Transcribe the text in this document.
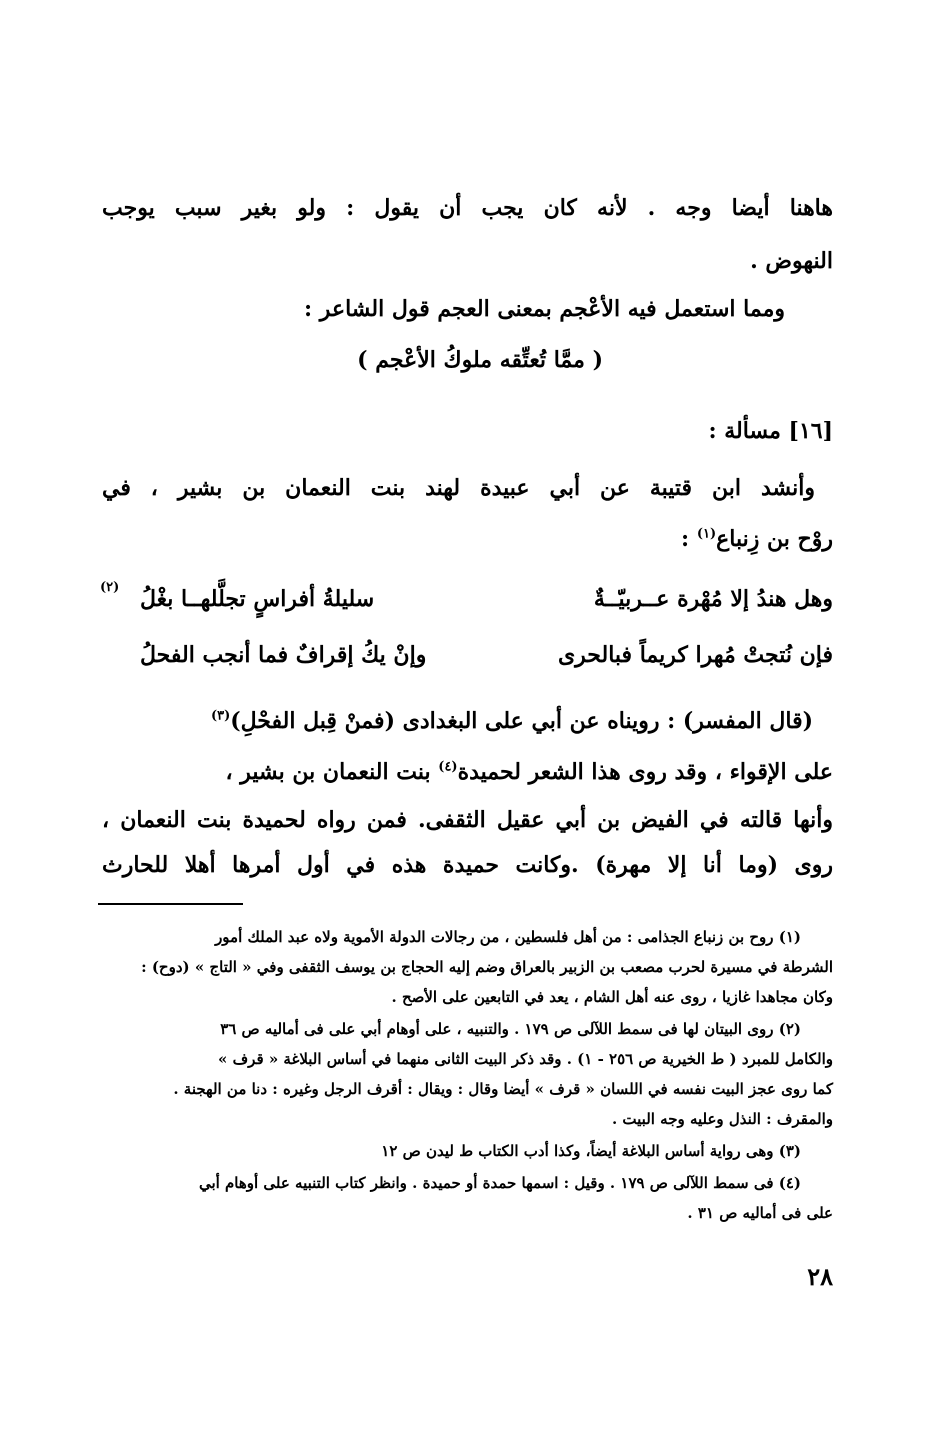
هاهنا أيضا وجه . لأنه كان يجب أن يقول : ولو بغير سبب يوجب
النهوض .
ومما استعمل فيه الأعْجم بمعنى العجم قول الشاعر :
( ممَّا تُعتِّقه ملوكُ الأعْجم )
[١٦] مسألة :
وأنشد ابن قتيبة عن أبي عبيدة لهند بنت النعمان بن بشير ، في
روْح بن زِنباع$^{(١)}$ :
وهل هندُ إلا مُهْرة عــربيّــةٌ
سليلةُ أفراسٍ تجلَّلهــا بغْلُ
(٢)
فإن نُتجتْ مُهرا كريماً فبالحرى
وإنْ يكُ إقرافٌ فما أنجب الفحلُ
(قال المفسر) : رويناه عن أبي على البغدادى (فمنْ قِبل الفحْلِ)$^{(٣)}$
على الإقواء ، وقد روى هذا الشعر لحميدة$^{(٤)}$ بنت النعمان بن بشير ،
وأنها قالته في الفيض بن أبي عقيل الثقفى. فمن رواه لحميدة بنت النعمان ،
روى (وما أنا إلا مهرة) .وكانت حميدة هذه في أول أمرها أهلا للحارث
(١) روح بن زنباع الجذامى : من أهل فلسطين ، من رجالات الدولة الأموية ولاه عبد الملك أمور
الشرطة في مسيرة لحرب مصعب بن الزبير بالعراق وضم إليه الحجاج بن يوسف الثقفى وفي « التاج » (دوح) :
وكان مجاهدا غازيا ، روى عنه أهل الشام ، يعد في التابعين على الأصح .
(٢) روى البيتان لها فى سمط اللآلى ص ١٧٩ . والتنبيه ، على أوهام أبي على فى أماليه ص ٣٦
والكامل للمبرد ( ط الخيرية ص ٢٥٦ - ١) . وقد ذكر البيت الثانى منهما في أساس البلاغة « قرف »
كما روى عجز البيت نفسه في اللسان « قرف » أيضا وقال : ويقال : أقرف الرجل وغيره : دنا من الهجنة .
والمقرف : النذل وعليه وجه البيت .
(٣) وهى رواية أساس البلاغة أيضاً، وكذا أدب الكتاب ط ليدن ص ١٢
(٤) فى سمط اللآلى ص ١٧٩ . وقيل : اسمها حمدة أو حميدة . وانظر كتاب التنبيه على أوهام أبي
على فى أماليه ص ٣١ .
٢٨
